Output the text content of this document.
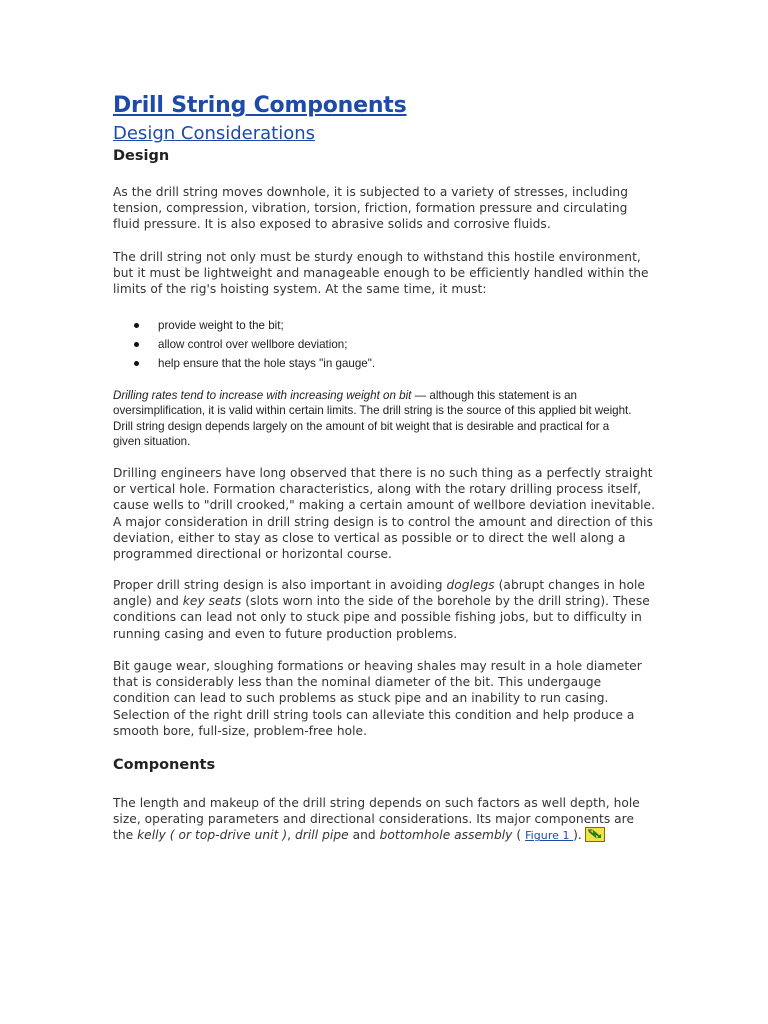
Drill String Components
Design Considerations
Design

As the drill string moves downhole, it is subjected to a variety of stresses, including tension, compression, vibration, torsion, friction, formation pressure and circulating fluid pressure. It is also exposed to abrasive solids and corrosive fluids.

The drill string not only must be sturdy enough to withstand this hostile environment, but it must be lightweight and manageable enough to be efficiently handled within the limits of the rig's hoisting system. At the same time, it must:

provide weight to the bit;
allow control over wellbore deviation;
help ensure that the hole stays "in gauge".

Drilling rates tend to increase with increasing weight on bit — although this statement is an oversimplification, it is valid within certain limits. The drill string is the source of this applied bit weight. Drill string design depends largely on the amount of bit weight that is desirable and practical for a given situation.

Drilling engineers have long observed that there is no such thing as a perfectly straight or vertical hole. Formation characteristics, along with the rotary drilling process itself, cause wells to "drill crooked," making a certain amount of wellbore deviation inevitable. A major consideration in drill string design is to control the amount and direction of this deviation, either to stay as close to vertical as possible or to direct the well along a programmed directional or horizontal course.

Proper drill string design is also important in avoiding doglegs (abrupt changes in hole angle) and key seats (slots worn into the side of the borehole by the drill string). These conditions can lead not only to stuck pipe and possible fishing jobs, but to difficulty in running casing and even to future production problems.

Bit gauge wear, sloughing formations or heaving shales may result in a hole diameter that is considerably less than the nominal diameter of the bit. This undergauge condition can lead to such problems as stuck pipe and an inability to run casing. Selection of the right drill string tools can alleviate this condition and help produce a smooth bore, full-size, problem-free hole.

Components

The length and makeup of the drill string depends on such factors as well depth, hole size, operating parameters and directional considerations. Its major components are the kelly ( or top-drive unit ), drill pipe and bottomhole assembly ( Figure 1 ).
